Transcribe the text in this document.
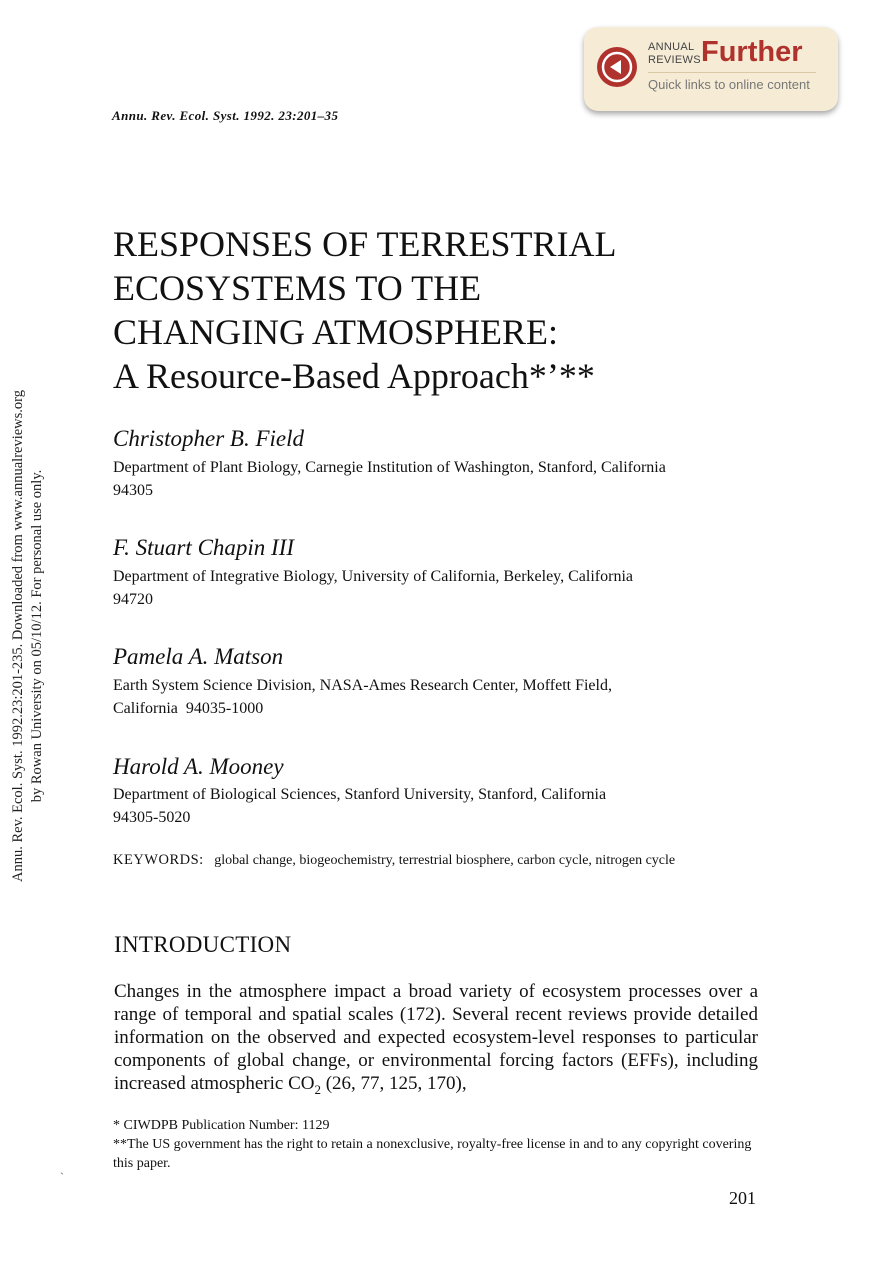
ANNUAL
REVIEWS Further
Quick links to online content
Annu. Rev. Ecol. Syst. 1992. 23:201–35
Annu. Rev. Ecol. Syst. 1992.23:201-235. Downloaded from www.annualreviews.org by Rowan University on 05/10/12. For personal use only.
RESPONSES OF TERRESTRIAL
ECOSYSTEMS TO THE
CHANGING ATMOSPHERE:
A Resource-Based Approach*’**
Christopher B. Field
Department of Plant Biology, Carnegie Institution of Washington, Stanford, California
94305
F. Stuart Chapin III
Department of Integrative Biology, University of California, Berkeley, California
94720
Pamela A. Matson
Earth System Science Division, NASA-Ames Research Center, Moffett Field,
California  94035-1000
Harold A. Mooney
Department of Biological Sciences, Stanford University, Stanford, California
94305-5020
KEYWORDS: global change, biogeochemistry, terrestrial biosphere, carbon cycle, nitrogen cycle
INTRODUCTION
Changes in the atmosphere impact a broad variety of ecosystem processes over a range of temporal and spatial scales (172). Several recent reviews provide detailed information on the observed and expected ecosystem-level responses to particular components of global change, or environmental forcing factors (EFFs), including increased atmospheric $CO_2$ (26, 77, 125, 170),
* CIWDPB Publication Number: 1129
**The US government has the right to retain a nonexclusive, royalty-free license in and to any copyright covering this paper.
`
201
